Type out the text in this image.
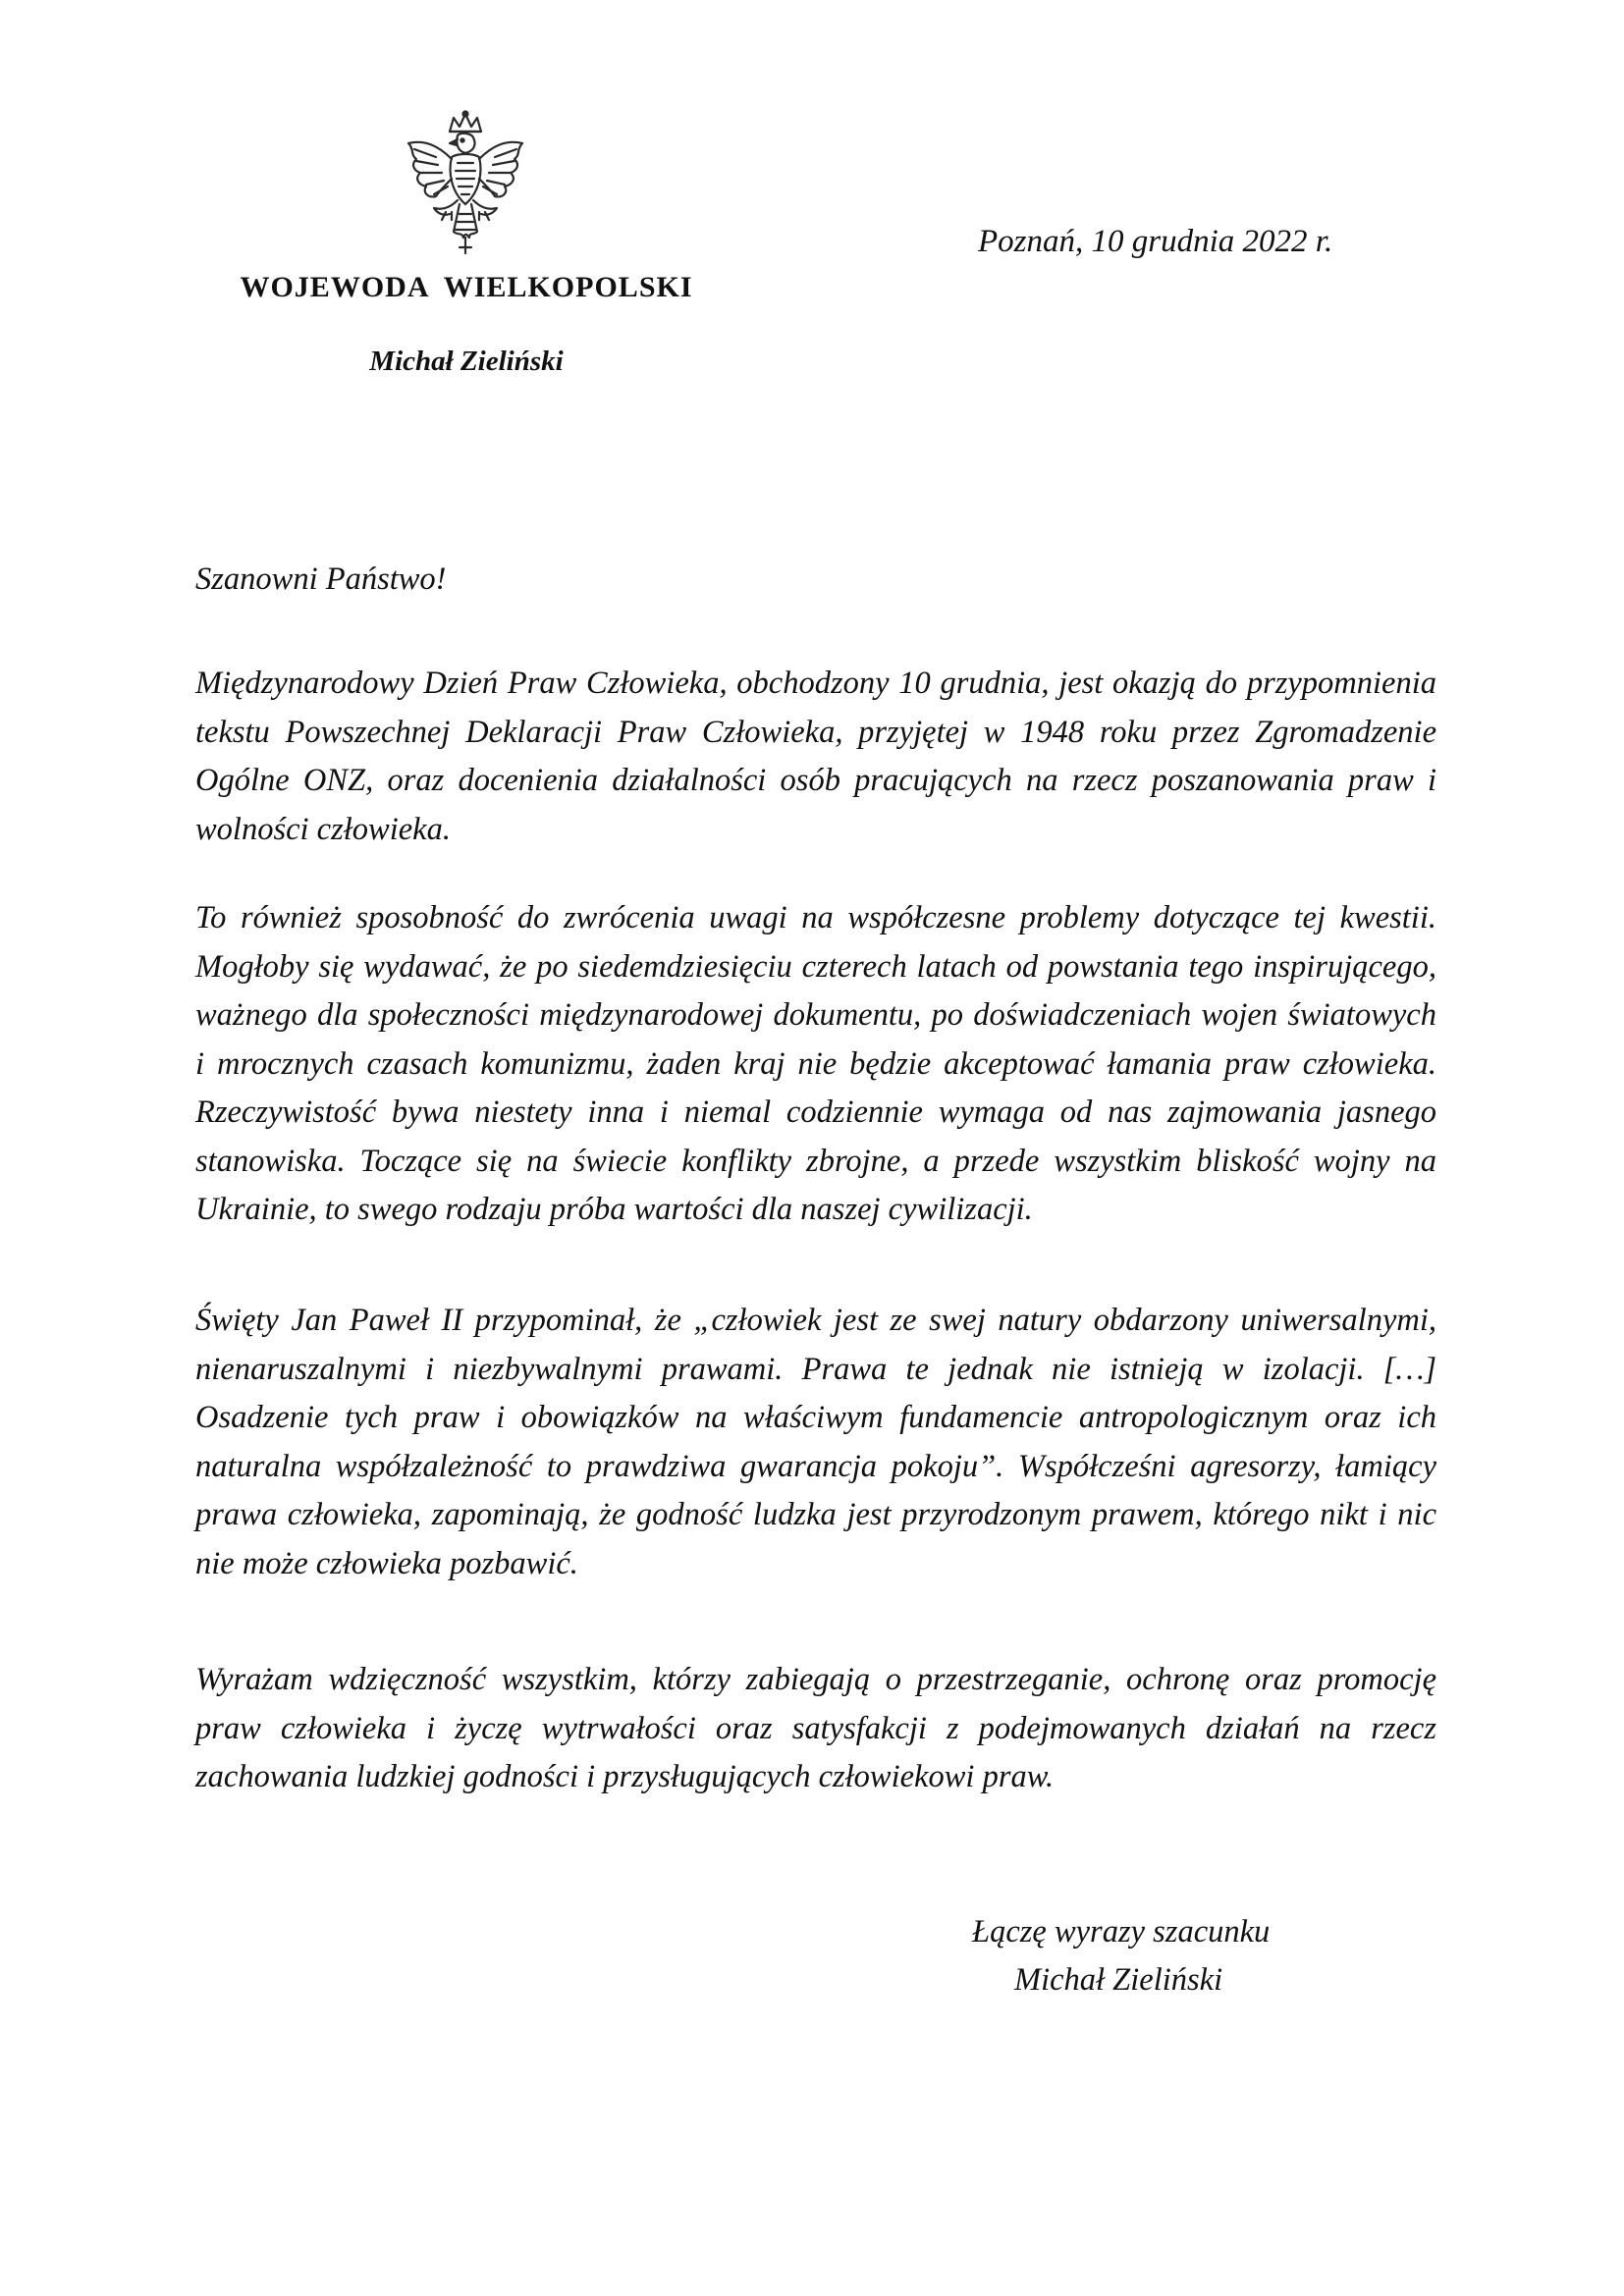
WOJEWODA WIELKOPOLSKI
Michał Zieliński
Poznań, 10 grudnia 2022 r.
Szanowni Państwo!

Międzynarodowy Dzień Praw Człowieka, obchodzony 10 grudnia, jest okazją do przypomnienia tekstu Powszechnej Deklaracji Praw Człowieka, przyjętej w 1948 roku przez Zgromadzenie Ogólne ONZ, oraz docenienia działalności osób pracujących na rzecz poszanowania praw i wolności człowieka.

To również sposobność do zwrócenia uwagi na współczesne problemy dotyczące tej kwestii. Mogłoby się wydawać, że po siedemdziesięciu czterech latach od powstania tego inspirującego, ważnego dla społeczności międzynarodowej dokumentu, po doświadczeniach wojen światowych i mrocznych czasach komunizmu, żaden kraj nie będzie akceptować łamania praw człowieka. Rzeczywistość bywa niestety inna i niemal codziennie wymaga od nas zajmowania jasnego stanowiska. Toczące się na świecie konflikty zbrojne, a przede wszystkim bliskość wojny na Ukrainie, to swego rodzaju próba wartości dla naszej cywilizacji.

Święty Jan Paweł II przypominał, że „człowiek jest ze swej natury obdarzony uniwersalnymi, nienaruszalnymi i niezbywalnymi prawami. Prawa te jednak nie istnieją w izolacji. […] Osadzenie tych praw i obowiązków na właściwym fundamencie antropologicznym oraz ich naturalna współzależność to prawdziwa gwarancja pokoju”. Współcześni agresorzy, łamiący prawa człowieka, zapominają, że godność ludzka jest przyrodzonym prawem, którego nikt i nic nie może człowieka pozbawić.

Wyrażam wdzięczność wszystkim, którzy zabiegają o przestrzeganie, ochronę oraz promocję praw człowieka i życzę wytrwałości oraz satysfakcji z podejmowanych działań na rzecz zachowania ludzkiej godności i przysługujących człowiekowi praw.

Łączę wyrazy szacunku
Michał Zieliński
